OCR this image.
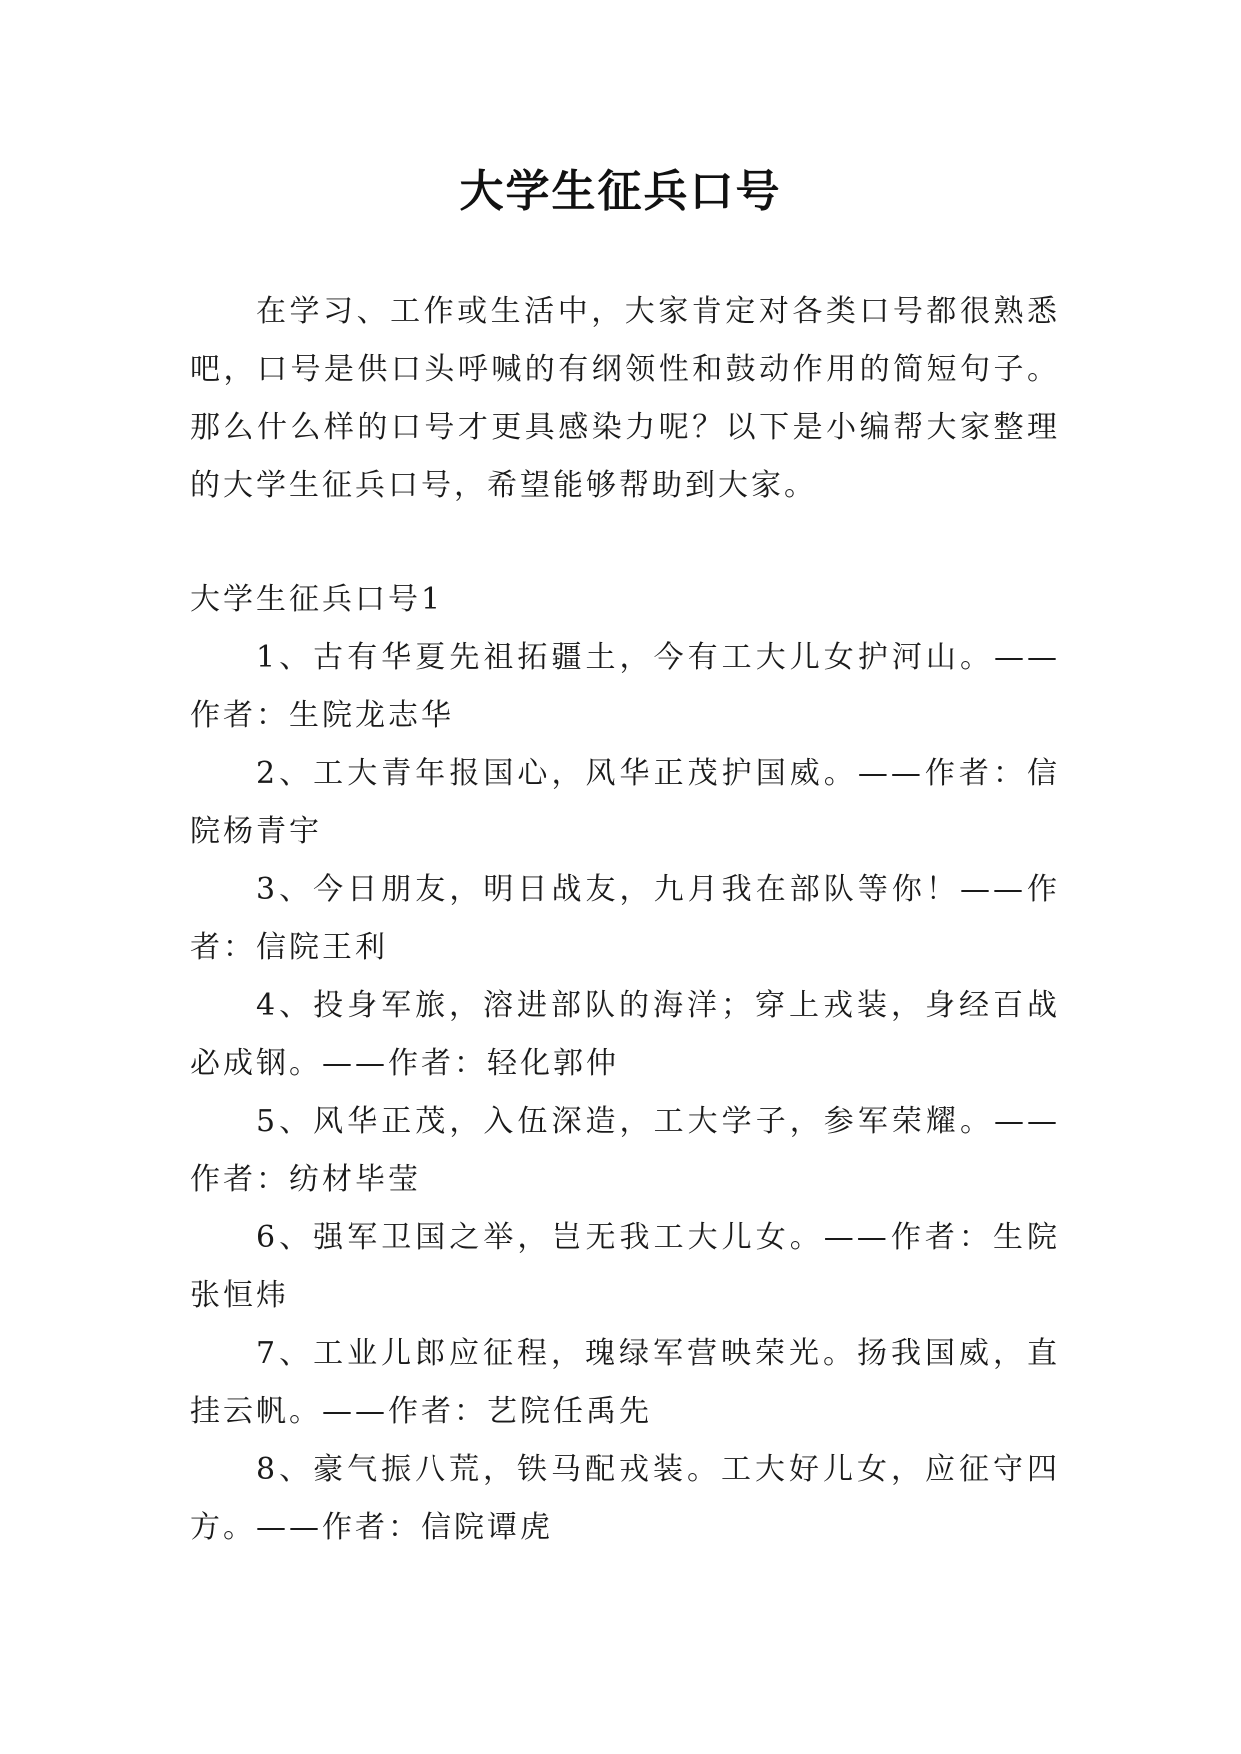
大学生征兵口号

在学习、工作或生活中，大家肯定对各类口号都很熟悉吧，口号是供口头呼喊的有纲领性和鼓动作用的简短句子。那么什么样的口号才更具感染力呢？以下是小编帮大家整理的大学生征兵口号，希望能够帮助到大家。

大学生征兵口号1

1、古有华夏先祖拓疆土，今有工大儿女护河山。——作者：生院龙志华

2、工大青年报国心，风华正茂护国威。——作者：信院杨青宇

3、今日朋友，明日战友，九月我在部队等你！——作者：信院王利

4、投身军旅，溶进部队的海洋；穿上戎装，身经百战必成钢。——作者：轻化郭仲

5、风华正茂，入伍深造，工大学子，参军荣耀。——作者：纺材毕莹

6、强军卫国之举，岂无我工大儿女。——作者：生院张恒炜

7、工业儿郎应征程，瑰绿军营映荣光。扬我国威，直挂云帆。——作者：艺院任禹先

8、豪气振八荒，铁马配戎装。工大好儿女，应征守四方。——作者：信院谭虎
